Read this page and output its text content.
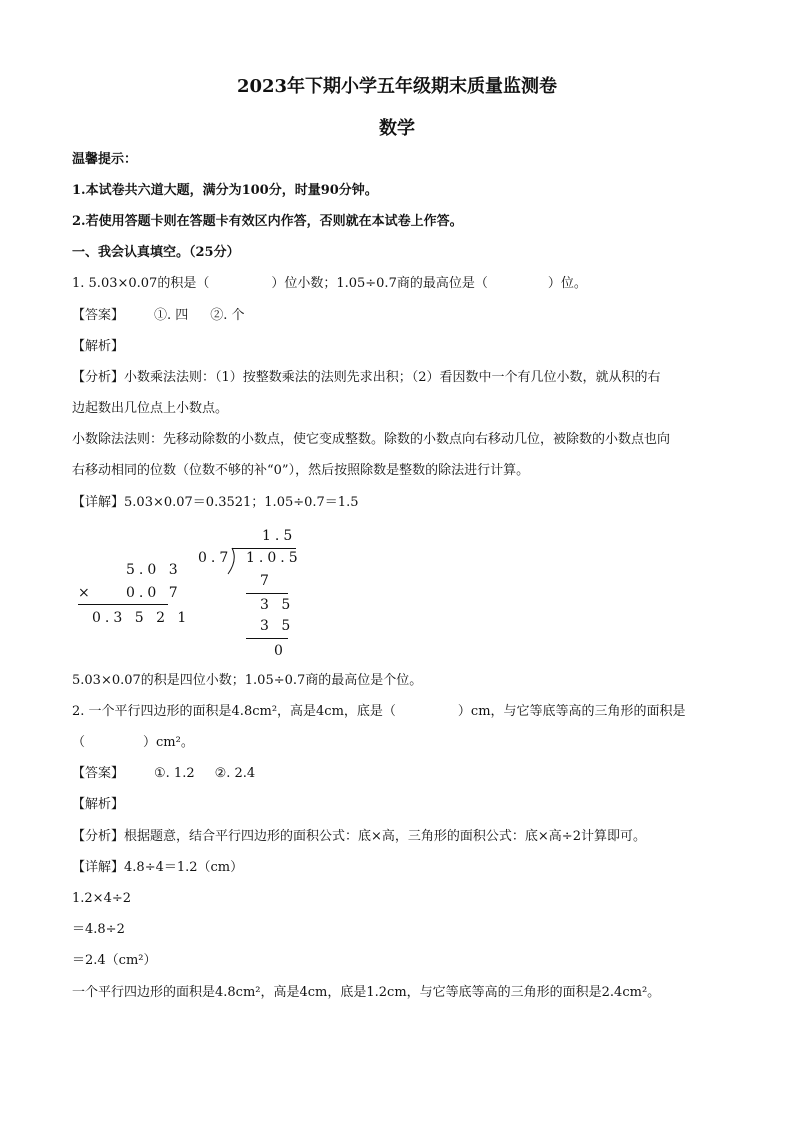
2023年下期小学五年级期末质量监测卷
数学
温馨提示：
1.本试卷共六道大题，满分为100分，时量90分钟。
2.若使用答题卡则在答题卡有效区内作答，否则就在本试卷上作答。
一、我会认真填空。（25分）
1. 5.03×0.07的积是（	）位小数；1.05÷0.7商的最高位是（	）位。
【答案】 ①. 四 ②. 个
【解析】
【分析】小数乘法法则：（1）按整数乘法的法则先求出积；（2）看因数中一个有几位小数，就从积的右
边起数出几位点上小数点。
小数除法法则：先移动除数的小数点，使它变成整数。除数的小数点向右移动几位，被除数的小数点也向
右移动相同的位数（位数不够的补“0”），然后按照除数是整数的除法进行计算。
【详解】5.03×0.07＝0.3521；1.05÷0.7＝1.5
5.0 3
× 0.0 7
0.3 5 2 1
1.5
0.7 1.0.5
7
3 5
3 5
0
5.03×0.07的积是四位小数；1.05÷0.7商的最高位是个位。
2. 一个平行四边形的面积是4.8cm²，高是4cm，底是（	）cm，与它等底等高的三角形的面积是
（	）cm²。
【答案】 ①. 1.2 ②. 2.4
【解析】
【分析】根据题意，结合平行四边形的面积公式：底×高，三角形的面积公式：底×高÷2计算即可。
【详解】4.8÷4＝1.2（cm）
1.2×4÷2
＝4.8÷2
＝2.4（cm²）
一个平行四边形的面积是4.8cm²，高是4cm，底是1.2cm，与它等底等高的三角形的面积是2.4cm²。
